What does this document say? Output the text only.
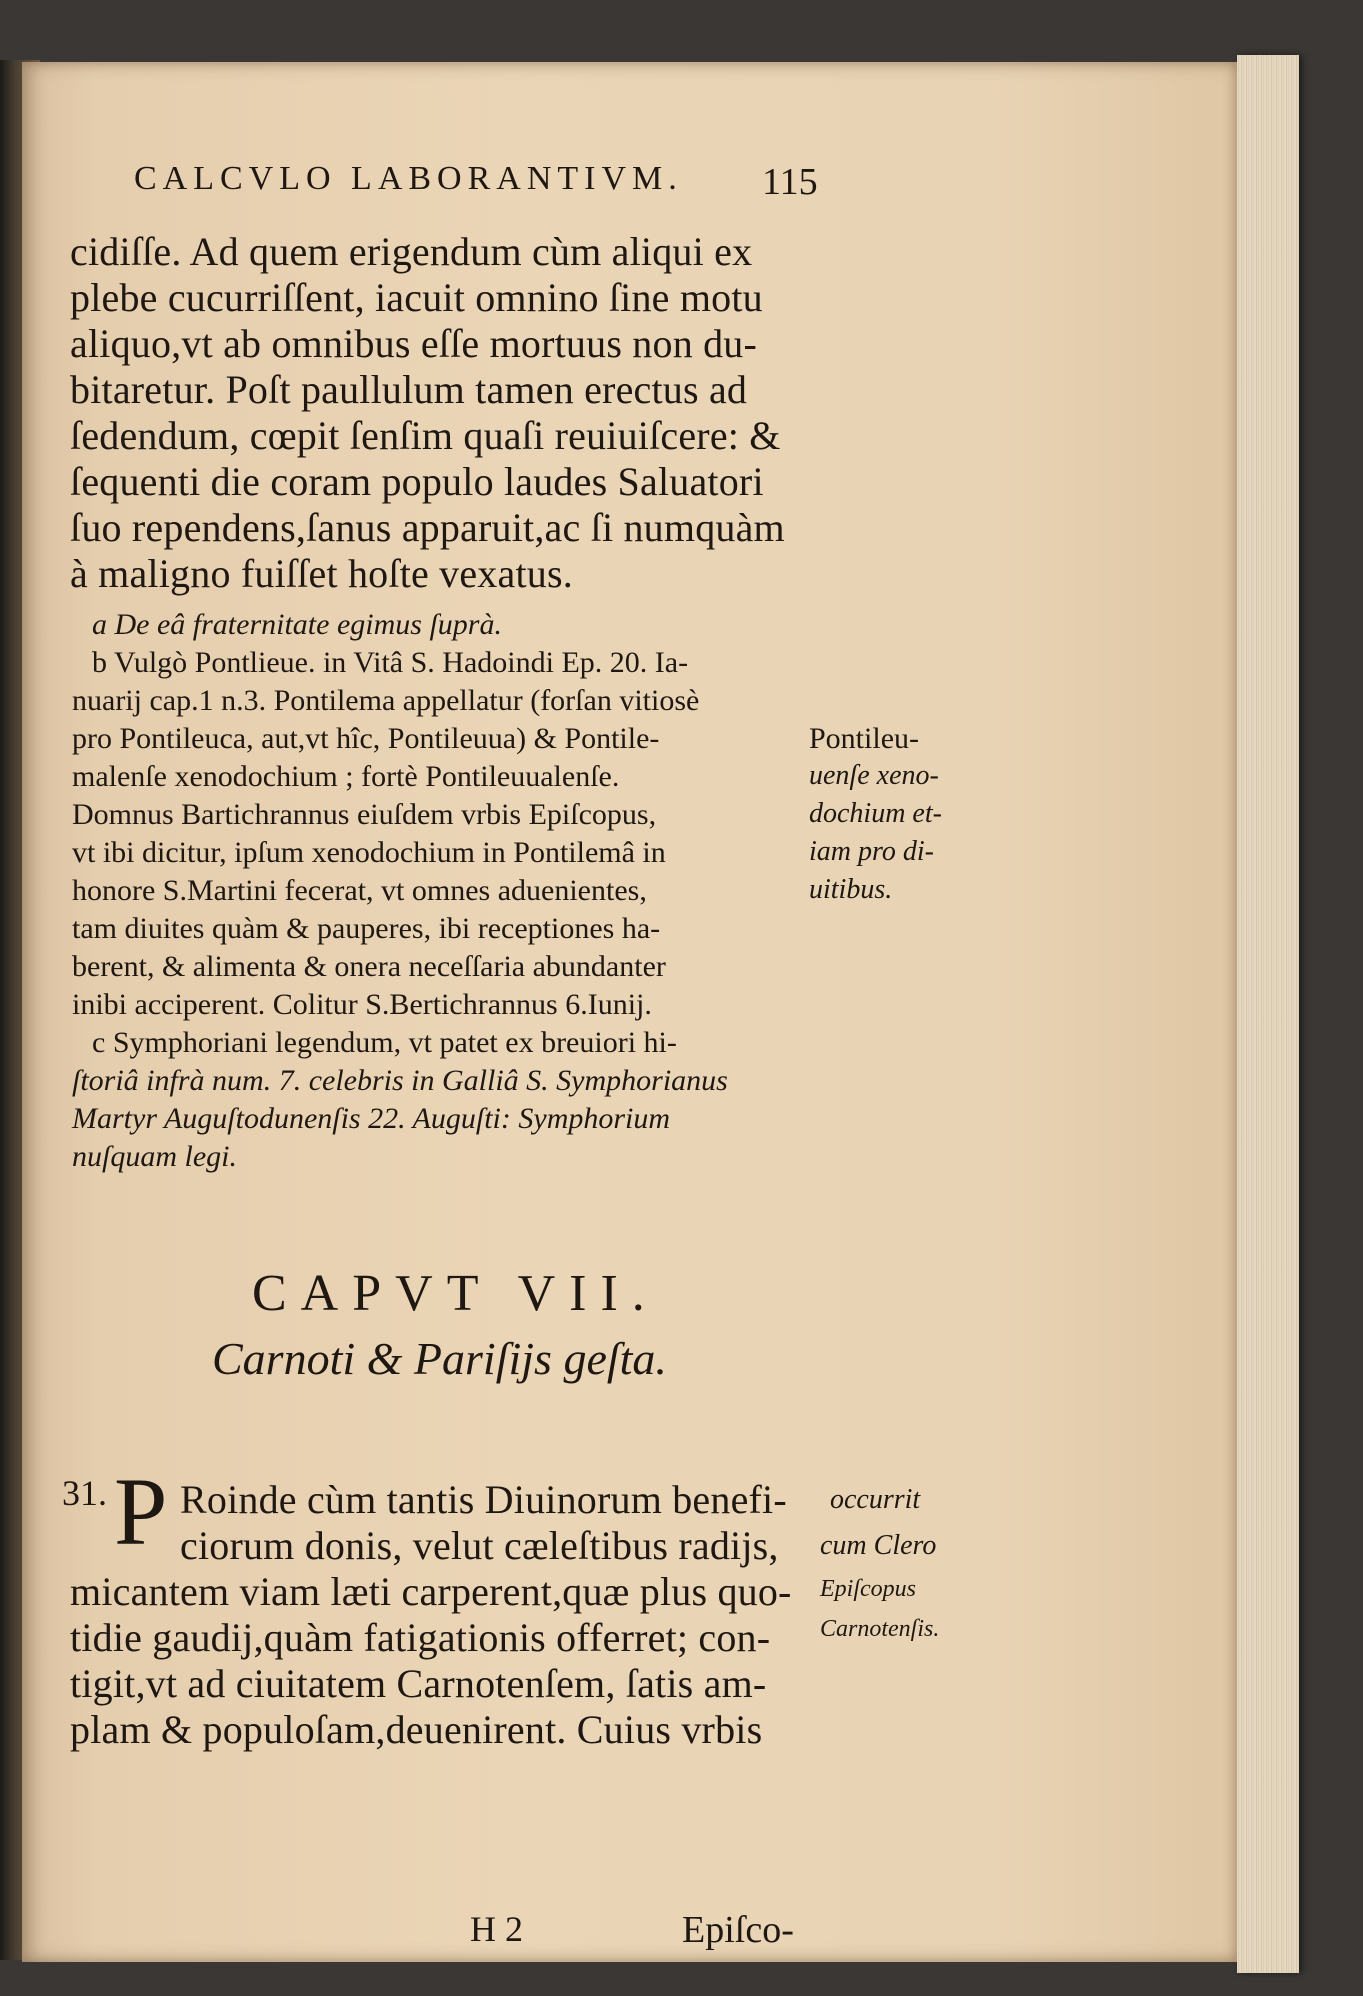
CALCVLO LABORANTIVM. 115
cidiſſe. Ad quem erigendum cùm aliqui ex
plebe cucurriſſent, iacuit omnino ſine motu
aliquo,vt ab omnibus eſſe mortuus non du-
bitaretur. Poſt paullulum tamen erectus ad
ſedendum, cœpit ſenſim quaſi reuiuiſcere: &
ſequenti die coram populo laudes Saluatori
ſuo rependens,ſanus apparuit,ac ſi numquàm
à maligno fuiſſet hoſte vexatus.
a De eâ fraternitate egimus ſuprà.
b Vulgò Pontlieue. in Vitâ S. Hadoindi Ep. 20. Ia-
nuarij cap.1 n.3. Pontilema appellatur (forſan vitiosè
pro Pontileuca, aut,vt hîc, Pontileuua) & Pontile-
malenſe xenodochium ; fortè Pontileuualenſe.
Domnus Bartichrannus eiuſdem vrbis Epiſcopus,
vt ibi dicitur, ipſum xenodochium in Pontilemâ in
honore S.Martini fecerat, vt omnes aduenientes,
tam diuites quàm & pauperes, ibi receptiones ha-
berent, & alimenta & onera neceſſaria abundanter
inibi acciperent. Colitur S.Bertichrannus 6.Iunij.
c Symphoriani legendum, vt patet ex breuiori hi-
ſtoriâ infrà num. 7. celebris in Galliâ S. Symphorianus
Martyr Auguſtodunenſis 22. Auguſti: Symphorium
nuſquam legi.
Pontileu-
uenſe xeno-
dochium et-
iam pro di-
uitibus.
CAPVT VII.
Carnoti & Pariſijs geſta.
31. P Roinde cùm tantis Diuinorum benefi-
ciorum donis, velut cæleſtibus radijs,
micantem viam læti carperent,quæ plus quo-
tidie gaudij,quàm fatigationis offerret; con-
tigit,vt ad ciuitatem Carnotenſem, ſatis am-
plam & populoſam,deuenirent. Cuius vrbis
occurrit
cum Clero
Epiſcopus
Carnotenſis.
H 2	Epiſco-
